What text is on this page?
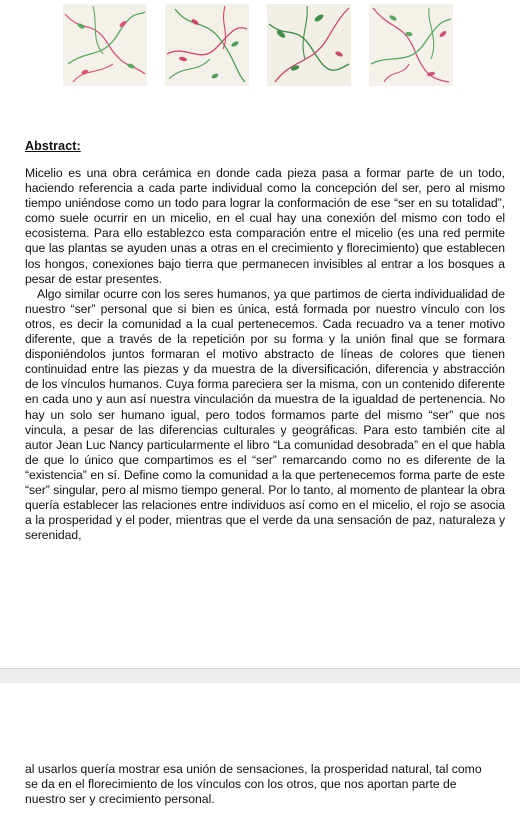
Abstract:

Micelio es una obra cerámica en donde cada pieza pasa a formar parte de un todo, haciendo referencia a cada parte individual como la concepción del ser, pero al mismo tiempo uniéndose como un todo para lograr la conformación de ese “ser en su totalidad”, como suele ocurrir en un micelio, en el cual hay una conexión del mismo con todo el ecosistema. Para ello establezco esta comparación entre el micelio (es una red permite que las plantas se ayuden unas a otras en el crecimiento y florecimiento) que establecen los hongos, conexiones bajo tierra que permanecen invisibles al entrar a los bosques a pesar de estar presentes.

Algo similar ocurre con los seres humanos, ya que partimos de cierta individualidad de nuestro “ser” personal que si bien es única, está formada por nuestro vínculo con los otros, es decir la comunidad a la cual pertenecemos. Cada recuadro va a tener motivo diferente, que a través de la repetición por su forma y la unión final que se formara disponiéndolos juntos formaran el motivo abstracto de líneas de colores que tienen continuidad entre las piezas y da muestra de la diversificación, diferencia y abstracción de los vínculos humanos. Cuya forma pareciera ser la misma, con un contenido diferente en cada uno y aun así nuestra vinculación da muestra de la igualdad de pertenencia. No hay un solo ser humano igual, pero todos formamos parte del mismo “ser” que nos vincula, a pesar de las diferencias culturales y geográficas. Para esto también cite al autor Jean Luc Nancy particularmente el libro “La comunidad desobrada” en el que habla de que lo único que compartimos es el “ser” remarcando como no es diferente de la “existencia” en sí. Define como la comunidad a la que pertenecemos forma parte de este “ser” singular, pero al mismo tiempo general. Por lo tanto, al momento de plantear la obra quería establecer las relaciones entre individuos así como en el micelio, el rojo se asocia a la prosperidad y el poder, mientras que el verde da una sensación de paz, naturaleza y serenidad,

al usarlos quería mostrar esa unión de sensaciones, la prosperidad natural, tal como se da en el florecimiento de los vínculos con los otros, que nos aportan parte de nuestro ser y crecimiento personal.
